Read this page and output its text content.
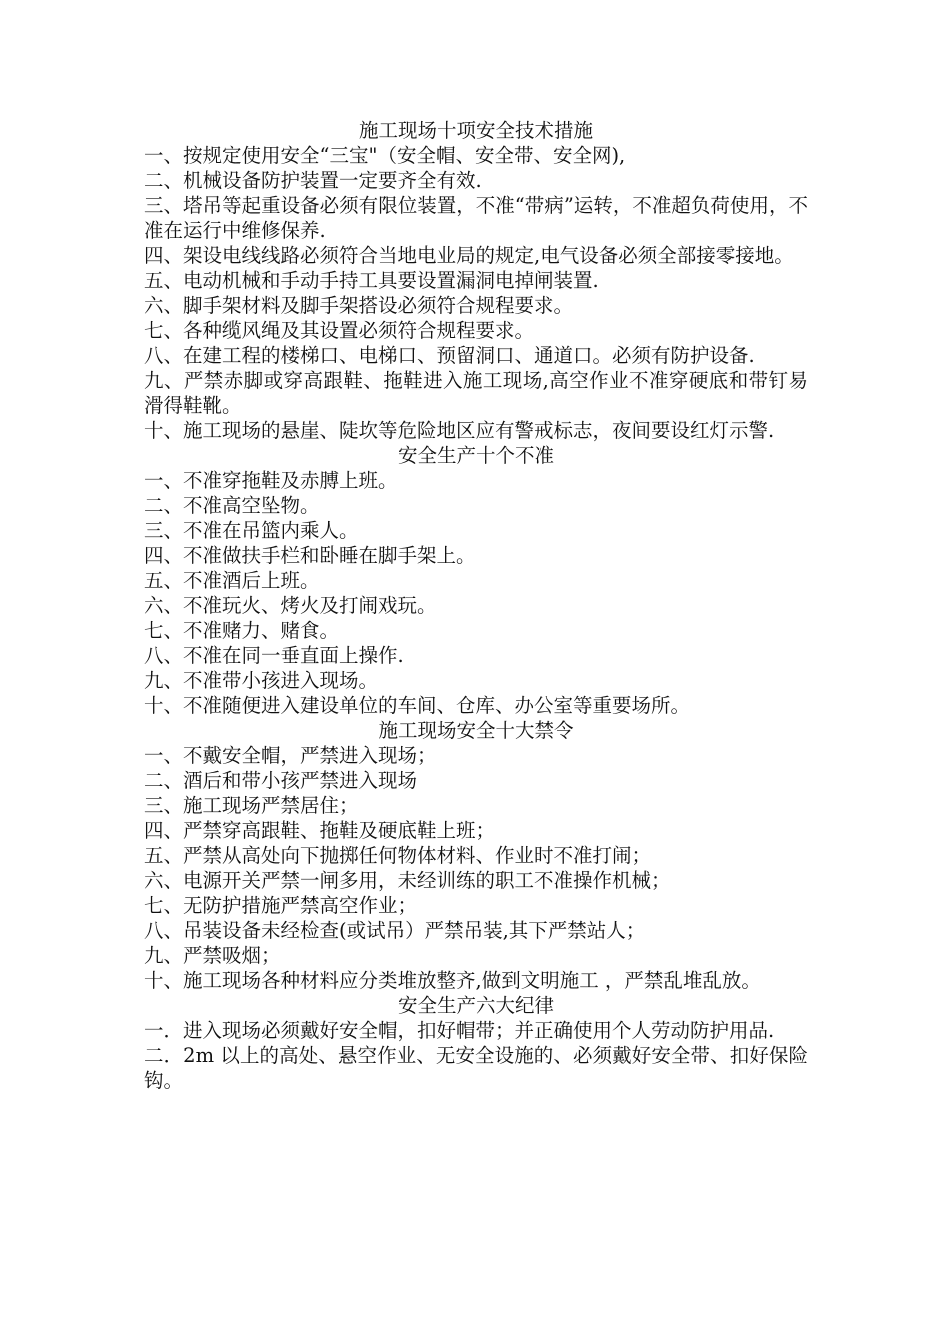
施工现场十项安全技术措施

一、按规定使用安全“三宝"（安全帽、安全带、安全网),

二、机械设备防护装置一定要齐全有效.

三、塔吊等起重设备必须有限位装置，不准“带病”运转，不准超负荷使用，不准在运行中维修保养.

四、架设电线线路必须符合当地电业局的规定,电气设备必须全部接零接地。

五、电动机械和手动手持工具要设置漏洞电掉闸装置.

六、脚手架材料及脚手架搭设必须符合规程要求。

七、各种缆风绳及其设置必须符合规程要求。

八、在建工程的楼梯口、电梯口、预留洞口、通道口。必须有防护设备.

九、严禁赤脚或穿高跟鞋、拖鞋进入施工现场,高空作业不准穿硬底和带钉易滑得鞋靴。

十、施工现场的悬崖、陡坎等危险地区应有警戒标志，夜间要设红灯示警.

安全生产十个不准

一、不准穿拖鞋及赤膊上班。

二、不准高空坠物。

三、不准在吊篮内乘人。

四、不准做扶手栏和卧睡在脚手架上。

五、不准酒后上班。

六、不准玩火、烤火及打闹戏玩。

七、不准赌力、赌食。

八、不准在同一垂直面上操作.

九、不准带小孩进入现场。

十、不准随便进入建设单位的车间、仓库、办公室等重要场所。

施工现场安全十大禁令

一、不戴安全帽，严禁进入现场；

二、酒后和带小孩严禁进入现场

三、施工现场严禁居住；

四、严禁穿高跟鞋、拖鞋及硬底鞋上班；

五、严禁从高处向下抛掷任何物体材料、作业时不准打闹；

六、电源开关严禁一闸多用，未经训练的职工不准操作机械；

七、无防护措施严禁高空作业；

八、吊装设备未经检查(或试吊）严禁吊装,其下严禁站人；

九、严禁吸烟；

十、施工现场各种材料应分类堆放整齐,做到文明施工 ，严禁乱堆乱放。

安全生产六大纪律

一．进入现场必须戴好安全帽，扣好帽带；并正确使用个人劳动防护用品.

二．2m 以上的高处、悬空作业、无安全设施的、必须戴好安全带、扣好保险钩。
